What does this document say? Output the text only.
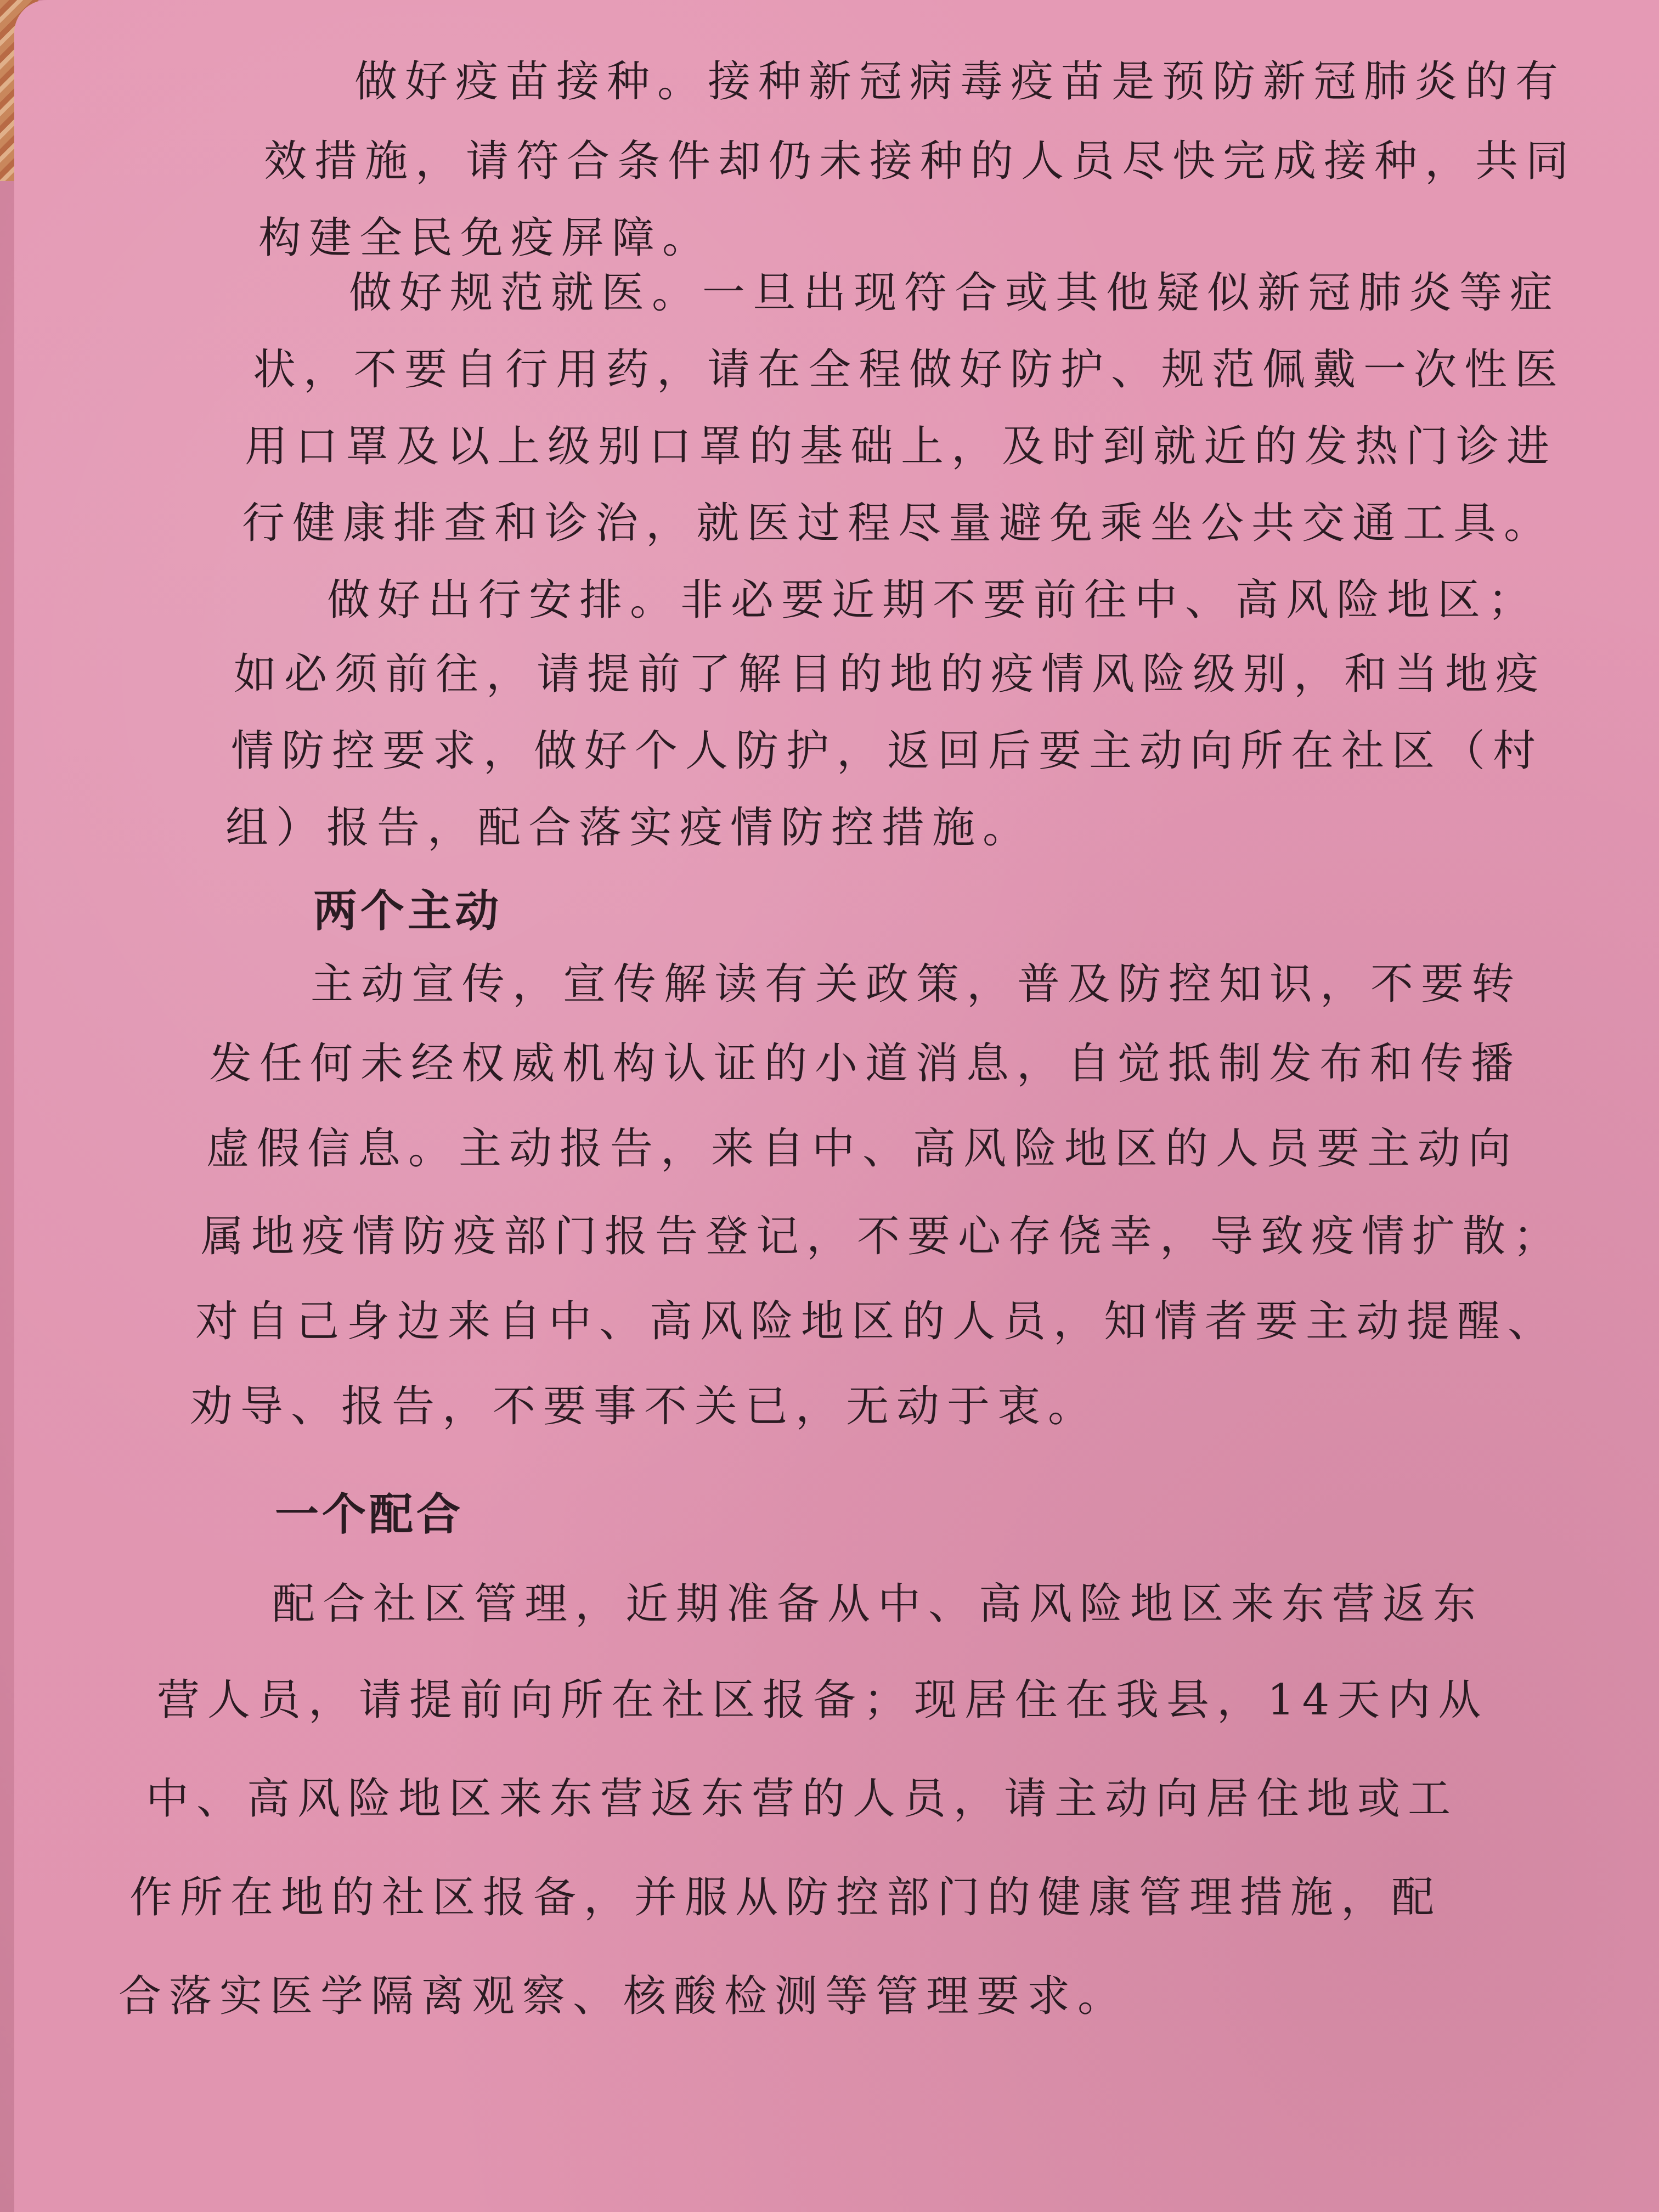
做好疫苗接种。接种新冠病毒疫苗是预防新冠肺炎的有
效措施，请符合条件却仍未接种的人员尽快完成接种，共同
构建全民免疫屏障。
做好规范就医。一旦出现符合或其他疑似新冠肺炎等症
状，不要自行用药，请在全程做好防护、规范佩戴一次性医
用口罩及以上级别口罩的基础上，及时到就近的发热门诊进
行健康排查和诊治，就医过程尽量避免乘坐公共交通工具。
做好出行安排。非必要近期不要前往中、高风险地区；
如必须前往，请提前了解目的地的疫情风险级别，和当地疫
情防控要求，做好个人防护，返回后要主动向所在社区（村
组）报告，配合落实疫情防控措施。
两个主动
主动宣传，宣传解读有关政策，普及防控知识，不要转
发任何未经权威机构认证的小道消息，自觉抵制发布和传播
虚假信息。主动报告，来自中、高风险地区的人员要主动向
属地疫情防疫部门报告登记，不要心存侥幸，导致疫情扩散；
对自己身边来自中、高风险地区的人员，知情者要主动提醒、
劝导、报告，不要事不关已，无动于衷。
一个配合
配合社区管理，近期准备从中、高风险地区来东营返东
营人员，请提前向所在社区报备；现居住在我县，14天内从
中、高风险地区来东营返东营的人员，请主动向居住地或工
作所在地的社区报备，并服从防控部门的健康管理措施，配
合落实医学隔离观察、核酸检测等管理要求。
